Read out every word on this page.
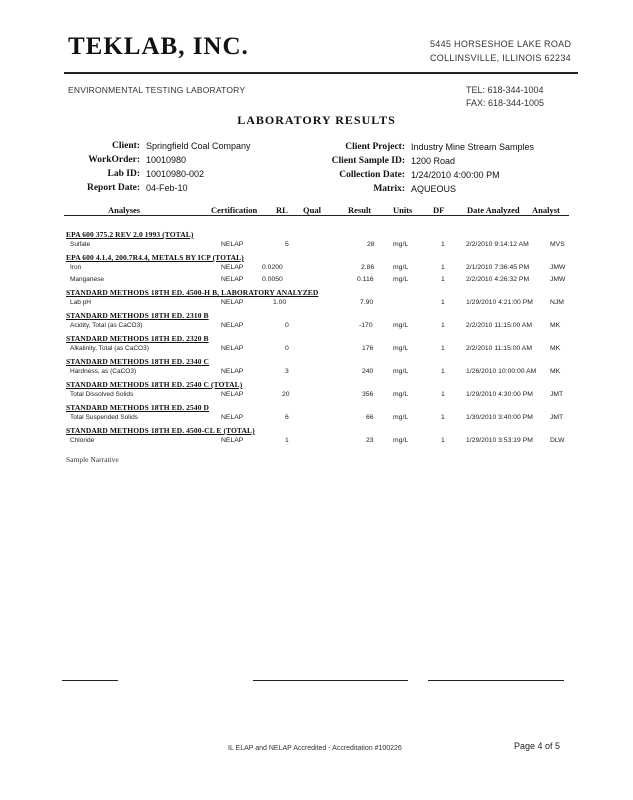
TEKLAB, INC.	5445 HORSESHOE LAKE ROAD
COLLINSVILLE, ILLINOIS 62234
ENVIRONMENTAL TESTING LABORATORY	TEL: 618-344-1004
FAX: 618-344-1005
LABORATORY RESULTS
Client: Springfield Coal Company
WorkOrder: 10010980
Lab ID: 10010980-002
Report Date: 04-Feb-10
Client Project: Industry Mine Stream Samples
Client Sample ID: 1200 Road
Collection Date: 1/24/2010 4:00:00 PM
Matrix: AQUEOUS
Analyses	Certification RL Qual	Result	Units DF	Date Analyzed Analyst
EPA 600 375.2 REV 2.0 1993 (TOTAL)
Sulfate	NELAP	5	28	mg/L	1	2/2/2010 9:14:12 AM	MVS
EPA 600 4.1.4, 200.7R4.4, METALS BY ICP (TOTAL)
Iron	NELAP	0.0200	2.86	mg/L	1	2/1/2010 7:36:45 PM	JMW
Manganese	NELAP	0.0050	0.116	mg/L	1	2/2/2010 4:26:32 PM	JMW
STANDARD METHODS 18TH ED. 4500-H B, LABORATORY ANALYZED
Lab pH	NELAP	1.00	7.90	1	1/29/2010 4:21:00 PM	NJM
STANDARD METHODS 18TH ED. 2310 B
Acidity, Total (as CaCO3)	NELAP	0	-170	mg/L	1	2/2/2010 11:15:00 AM	MK
STANDARD METHODS 18TH ED. 2320 B
Alkalinity, Total (as CaCO3)	NELAP	0	176	mg/L	1	2/2/2010 11:15:00 AM	MK
STANDARD METHODS 18TH ED. 2340 C
Hardness, as (CaCO3)	NELAP	3	240	mg/L	1	1/26/2010 10:00:00 AM MK
STANDARD METHODS 18TH ED. 2540 C (TOTAL)
Total Dissolved Solids	NELAP	20	356	mg/L	1	1/29/2010 4:30:00 PM	JMT
STANDARD METHODS 18TH ED. 2540 D
Total Suspended Solids	NELAP	6	66	mg/L	1	1/30/2010 3:40:00 PM	JMT
STANDARD METHODS 18TH ED. 4500-CL E (TOTAL)
Chloride	NELAP	1	23	mg/L	1	1/29/2010 3:53:19 PM	DLW
Sample Narrative
IL ELAP and NELAP Accredited - Accreditation #100226	Page 4 of 5
